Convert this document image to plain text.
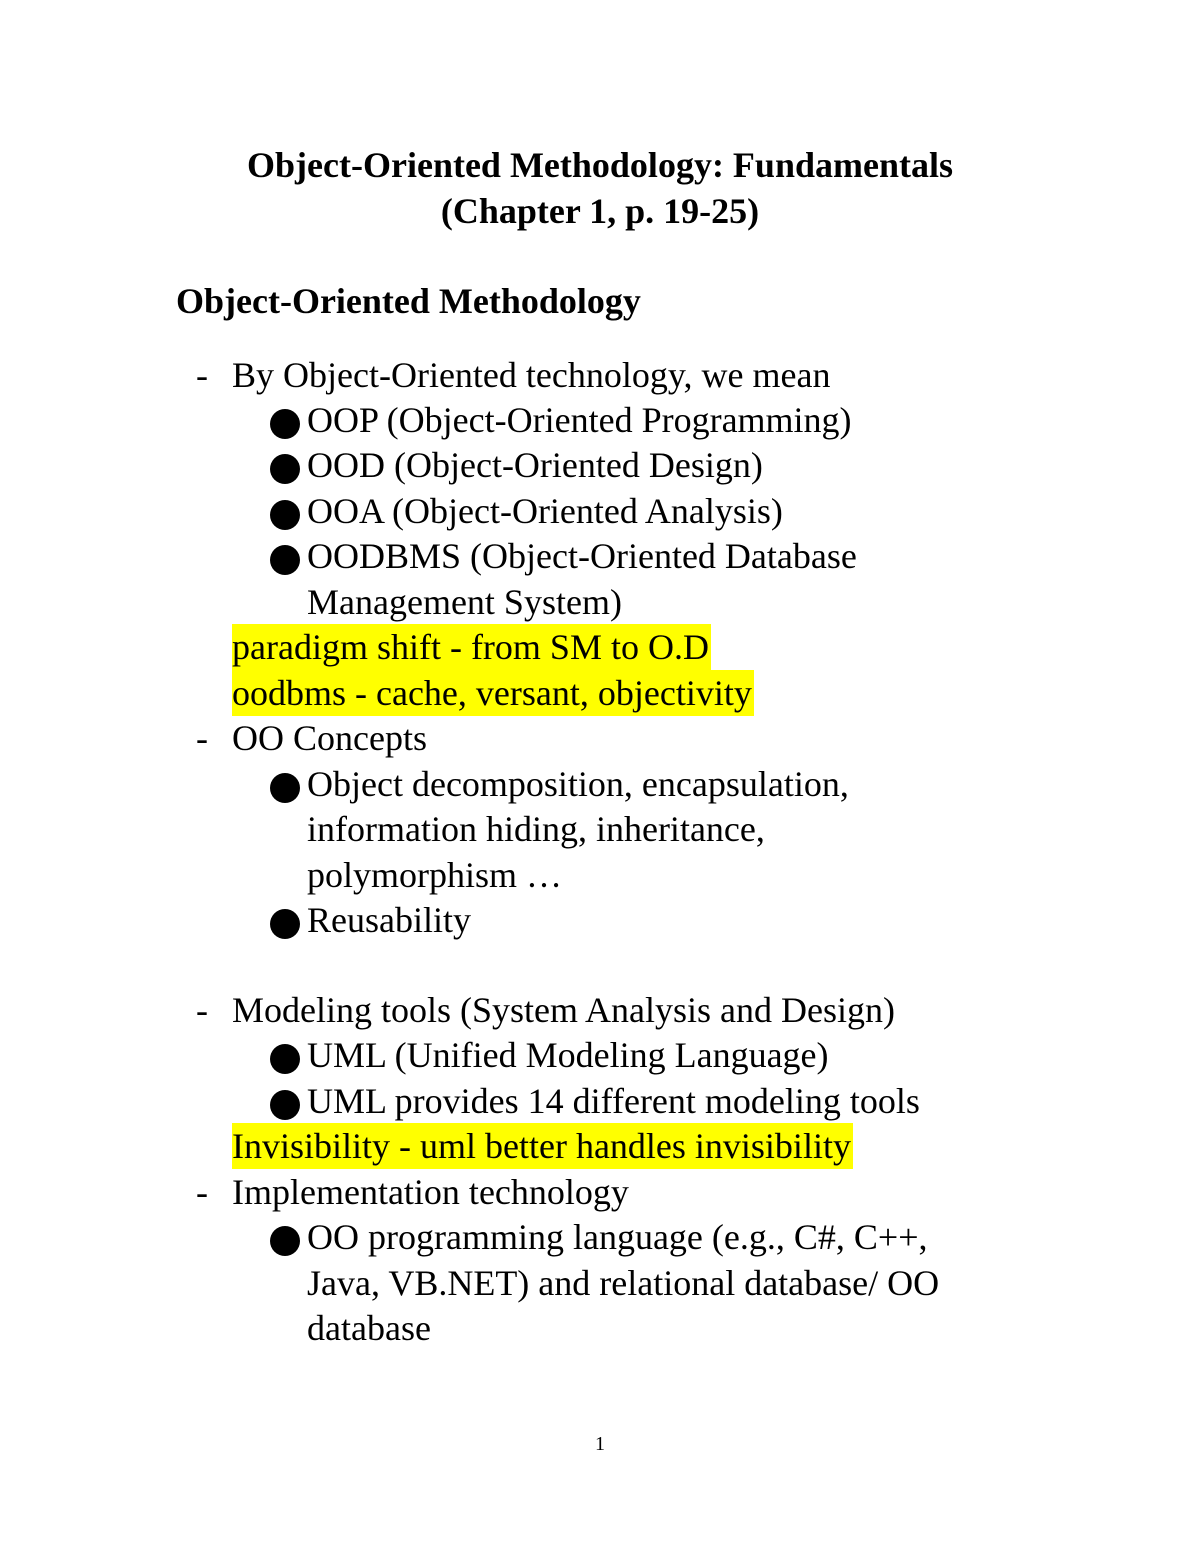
Object-Oriented Methodology: Fundamentals
(Chapter 1, p. 19-25)
Object-Oriented Methodology
- By Object-Oriented technology, we mean
OOP (Object-Oriented Programming)
OOD (Object-Oriented Design)
OOA (Object-Oriented Analysis)
OODBMS (Object-Oriented Database
Management System)
paradigm shift - from SM to O.D
oodbms - cache, versant, objectivity
- OO Concepts
Object decomposition, encapsulation,
information hiding, inheritance,
polymorphism …
Reusability
- Modeling tools (System Analysis and Design)
UML (Unified Modeling Language)
UML provides 14 different modeling tools
Invisibility - uml better handles invisibility
- Implementation technology
OO programming language (e.g., C#, C++,
Java, VB.NET) and relational database/ OO
database
1
